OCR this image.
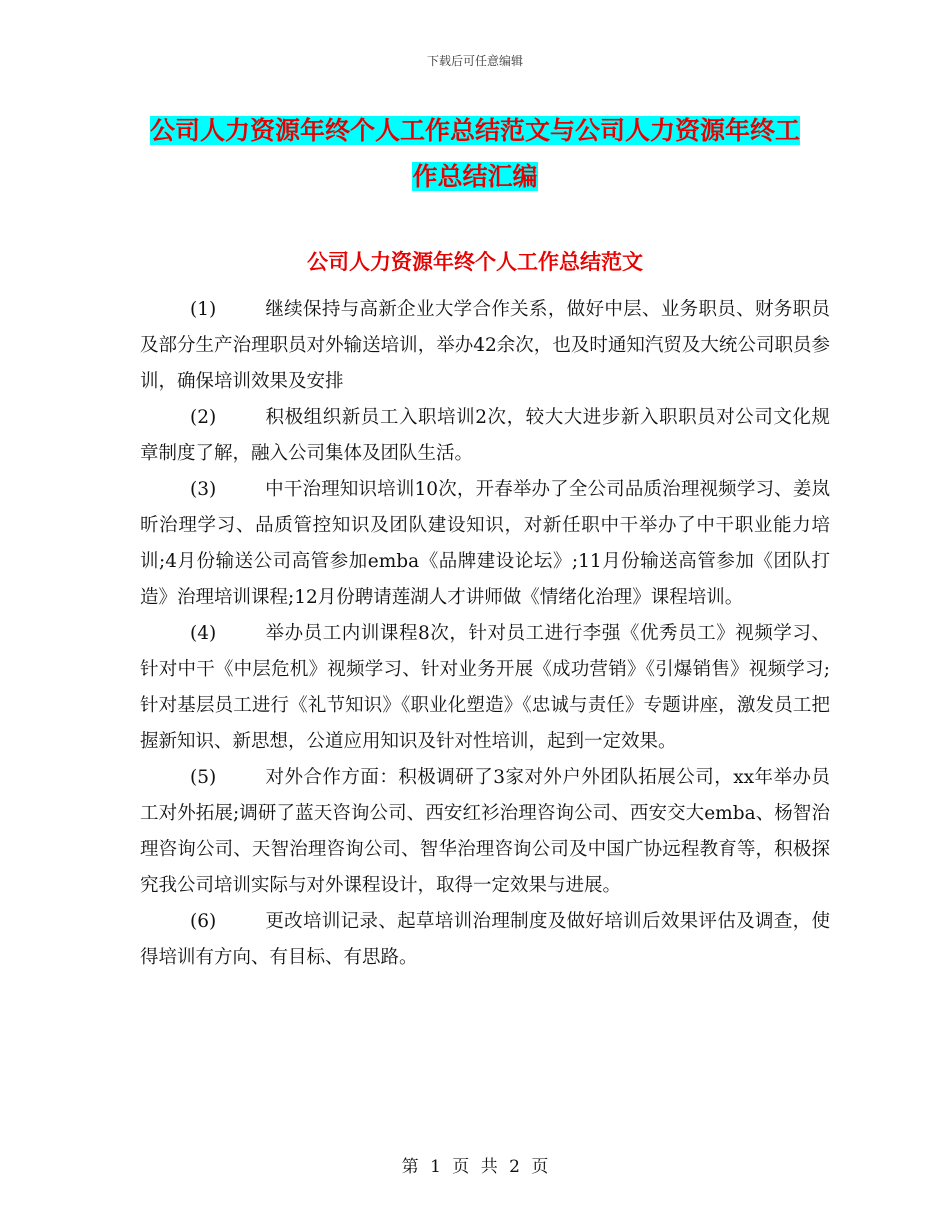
下载后可任意编辑
公司人力资源年终个人工作总结范文与公司人力资源年终工作总结汇编
公司人力资源年终个人工作总结范文

(1)	继续保持与高新企业大学合作关系，做好中层、业务职员、财务职员及部分生产治理职员对外输送培训，举办42余次，也及时通知汽贸及大统公司职员参训，确保培训效果及安排

(2)	积极组织新员工入职培训2次，较大大进步新入职职员对公司文化规章制度了解，融入公司集体及团队生活。

(3)	中干治理知识培训10次，开春举办了全公司品质治理视频学习、姜岚昕治理学习、品质管控知识及团队建设知识，对新任职中干举办了中干职业能力培训;4月份输送公司高管参加emba《品牌建设论坛》;11月份输送高管参加《团队打造》治理培训课程;12月份聘请莲湖人才讲师做《情绪化治理》课程培训。

(4)	举办员工内训课程8次，针对员工进行李强《优秀员工》视频学习、针对中干《中层危机》视频学习、针对业务开展《成功营销》《引爆销售》视频学习;针对基层员工进行《礼节知识》《职业化塑造》《忠诚与责任》专题讲座，激发员工把握新知识、新思想，公道应用知识及针对性培训，起到一定效果。

(5)	对外合作方面：积极调研了3家对外户外团队拓展公司，xx年举办员工对外拓展;调研了蓝天咨询公司、西安红衫治理咨询公司、西安交大emba、杨智治理咨询公司、天智治理咨询公司、智华治理咨询公司及中国广协远程教育等，积极探究我公司培训实际与对外课程设计，取得一定效果与进展。

(6)	更改培训记录、起草培训治理制度及做好培训后效果评估及调查，使得培训有方向、有目标、有思路。

第 1 页 共 2 页
